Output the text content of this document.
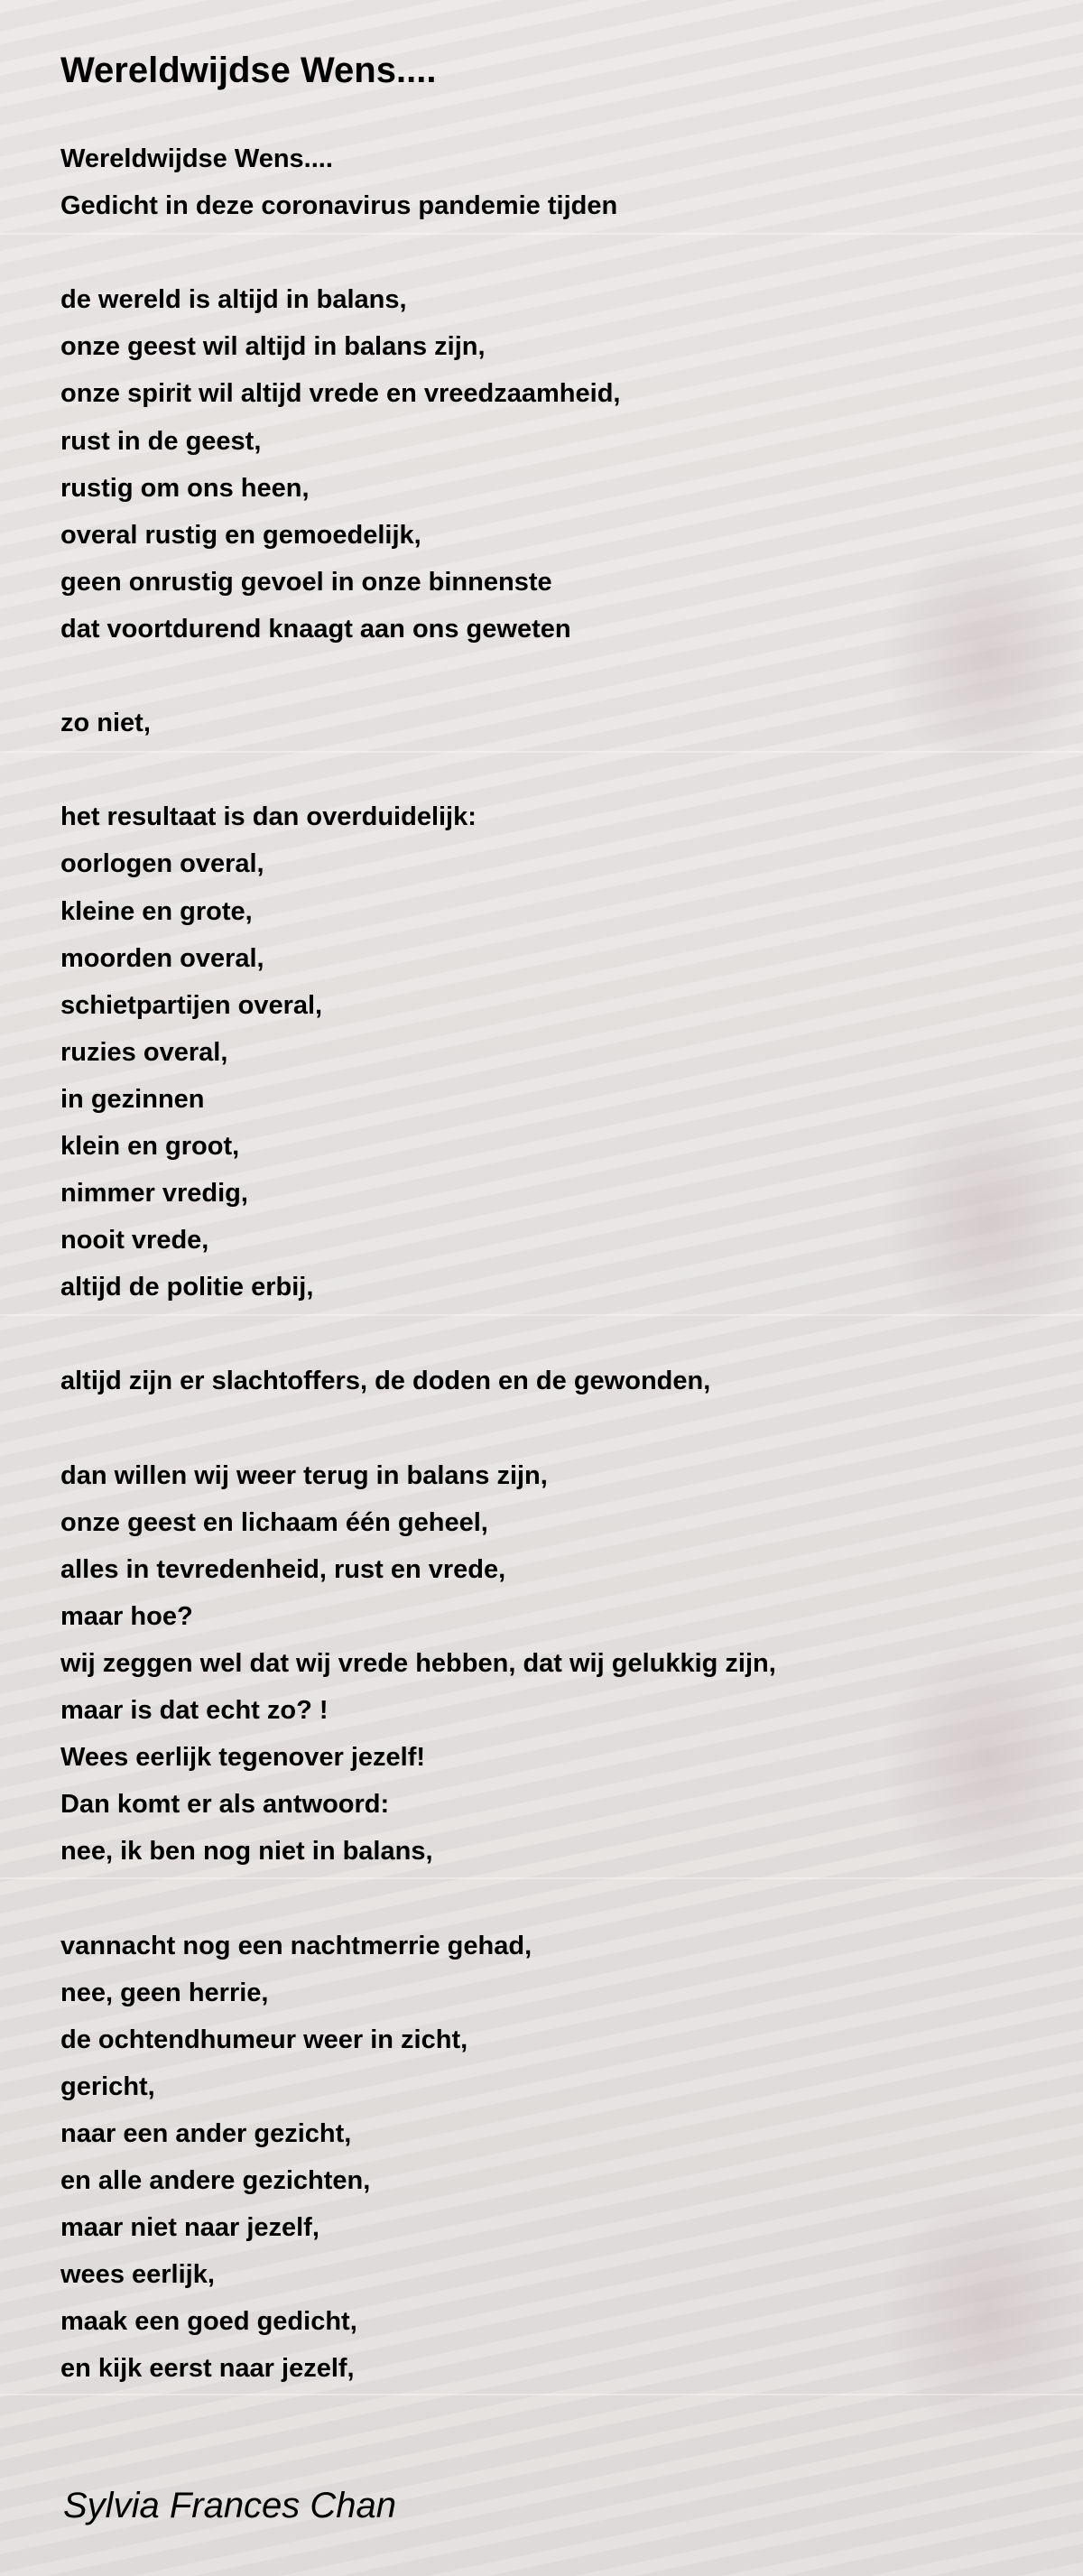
Wereldwijdse Wens....
Wereldwijdse Wens....
Gedicht in deze coronavirus pandemie tijden
de wereld is altijd in balans,
onze geest wil altijd in balans zijn,
onze spirit wil altijd vrede en vreedzaamheid,
rust in de geest,
rustig om ons heen,
overal rustig en gemoedelijk,
geen onrustig gevoel in onze binnenste
dat voortdurend knaagt aan ons geweten
zo niet,
het resultaat is dan overduidelijk:
oorlogen overal,
kleine en grote,
moorden overal,
schietpartijen overal,
ruzies overal,
in gezinnen
klein en groot,
nimmer vredig,
nooit vrede,
altijd de politie erbij,
altijd zijn er slachtoffers, de doden en de gewonden,
dan willen wij weer terug in balans zijn,
onze geest en lichaam één geheel,
alles in tevredenheid, rust en vrede,
maar hoe?
wij zeggen wel dat wij vrede hebben, dat wij gelukkig zijn,
maar is dat echt zo? !
Wees eerlijk tegenover jezelf!
Dan komt er als antwoord:
nee, ik ben nog niet in balans,
vannacht nog een nachtmerrie gehad,
nee, geen herrie,
de ochtendhumeur weer in zicht,
gericht,
naar een ander gezicht,
en alle andere gezichten,
maar niet naar jezelf,
wees eerlijk,
maak een goed gedicht,
en kijk eerst naar jezelf,

Sylvia Frances Chan
